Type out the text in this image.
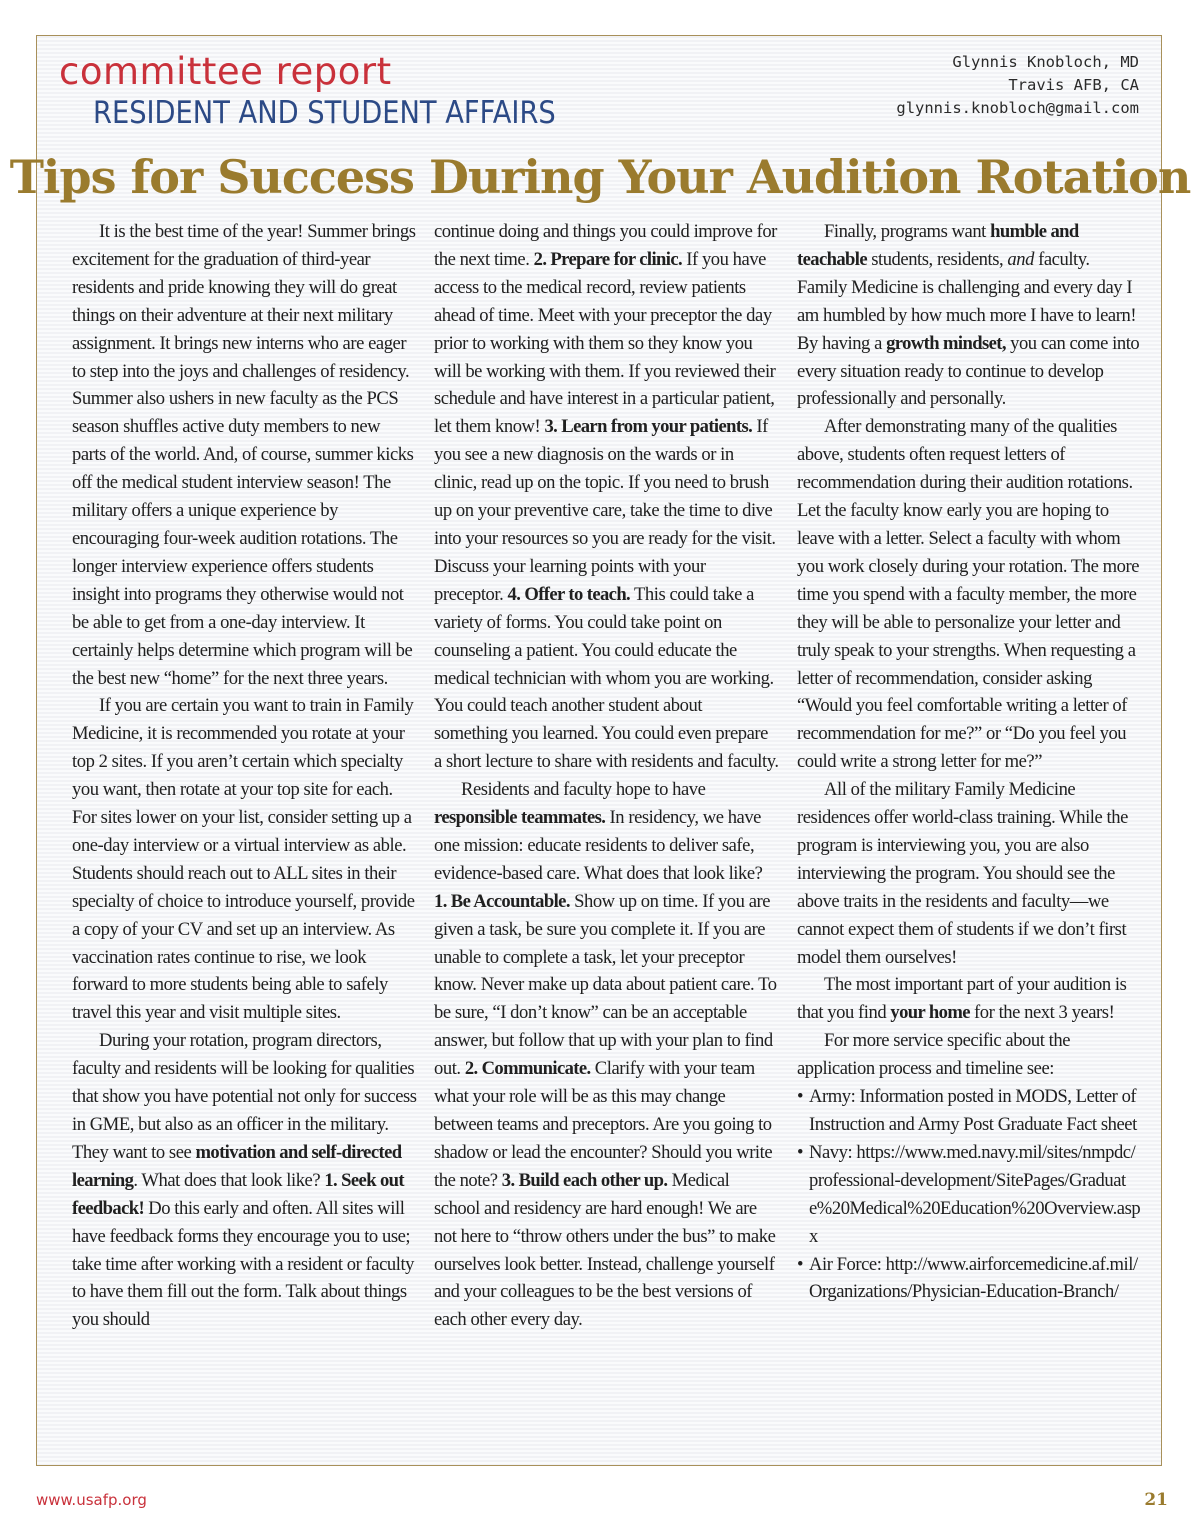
committee report
RESIDENT AND STUDENT AFFAIRS
Glynnis Knobloch, MD
Travis AFB, CA
glynnis.knobloch@gmail.com
Tips for Success During Your Audition Rotation

It is the best time of the year! Summer brings excitement for the graduation of third-year residents and pride knowing they will do great things on their adventure at their next military assignment. It brings new interns who are eager to step into the joys and challenges of residency. Summer also ushers in new faculty as the PCS season shuffles active duty members to new parts of the world. And, of course, summer kicks off the medical student interview season! The military offers a unique experience by encouraging four-week audition rotations. The longer interview experience offers students insight into programs they otherwise would not be able to get from a one-day interview. It certainly helps determine which program will be the best new “home” for the next three years.

If you are certain you want to train in Family Medicine, it is recommended you rotate at your top 2 sites. If you aren’t certain which specialty you want, then rotate at your top site for each. For sites lower on your list, consider setting up a one-day interview or a virtual interview as able. Students should reach out to ALL sites in their specialty of choice to introduce yourself, provide a copy of your CV and set up an interview. As vaccination rates continue to rise, we look forward to more students being able to safely travel this year and visit multiple sites.

During your rotation, program directors, faculty and residents will be looking for qualities that show you have potential not only for success in GME, but also as an officer in the military. They want to see motivation and self-directed learning. What does that look like? 1. Seek out feedback! Do this early and often. All sites will have feedback forms they encourage you to use; take time after working with a resident or faculty to have them fill out the form. Talk about things you should

continue doing and things you could improve for the next time. 2. Prepare for clinic. If you have access to the medical record, review patients ahead of time. Meet with your preceptor the day prior to working with them so they know you will be working with them. If you reviewed their schedule and have interest in a particular patient, let them know! 3. Learn from your patients. If you see a new diagnosis on the wards or in clinic, read up on the topic. If you need to brush up on your preventive care, take the time to dive into your resources so you are ready for the visit. Discuss your learning points with your preceptor. 4. Offer to teach. This could take a variety of forms. You could take point on counseling a patient. You could educate the medical technician with whom you are working. You could teach another student about something you learned. You could even prepare a short lecture to share with residents and faculty.

Residents and faculty hope to have responsible teammates. In residency, we have one mission: educate residents to deliver safe, evidence-based care. What does that look like? 1. Be Accountable. Show up on time. If you are given a task, be sure you complete it. If you are unable to complete a task, let your preceptor know. Never make up data about patient care. To be sure, “I don’t know” can be an acceptable answer, but follow that up with your plan to find out. 2. Communicate. Clarify with your team what your role will be as this may change between teams and preceptors. Are you going to shadow or lead the encounter? Should you write the note? 3. Build each other up. Medical school and residency are hard enough! We are not here to “throw others under the bus” to make ourselves look better. Instead, challenge yourself and your colleagues to be the best versions of each other every day.

Finally, programs want humble and teachable students, residents, and faculty. Family Medicine is challenging and every day I am humbled by how much more I have to learn! By having a growth mindset, you can come into every situation ready to continue to develop professionally and personally.

After demonstrating many of the qualities above, students often request letters of recommendation during their audition rotations. Let the faculty know early you are hoping to leave with a letter. Select a faculty with whom you work closely during your rotation. The more time you spend with a faculty member, the more they will be able to personalize your letter and truly speak to your strengths. When requesting a letter of recommendation, consider asking “Would you feel comfortable writing a letter of recommendation for me?” or “Do you feel you could write a strong letter for me?”

All of the military Family Medicine residences offer world-class training. While the program is interviewing you, you are also interviewing the program. You should see the above traits in the residents and faculty—we cannot expect them of students if we don’t first model them ourselves!

The most important part of your audition is that you find your home for the next 3 years!

For more service specific about the application process and timeline see:

• Army: Information posted in MODS, Letter of Instruction and Army Post Graduate Fact sheet
• Navy: https://www.med.navy.mil/sites/nmpdc/professional-development/SitePages/Graduate%20Medical%20Education%20Overview.aspx
• Air Force: http://www.airforcemedicine.af.mil/Organizations/Physician-Education-Branch/
www.usafp.org	21
